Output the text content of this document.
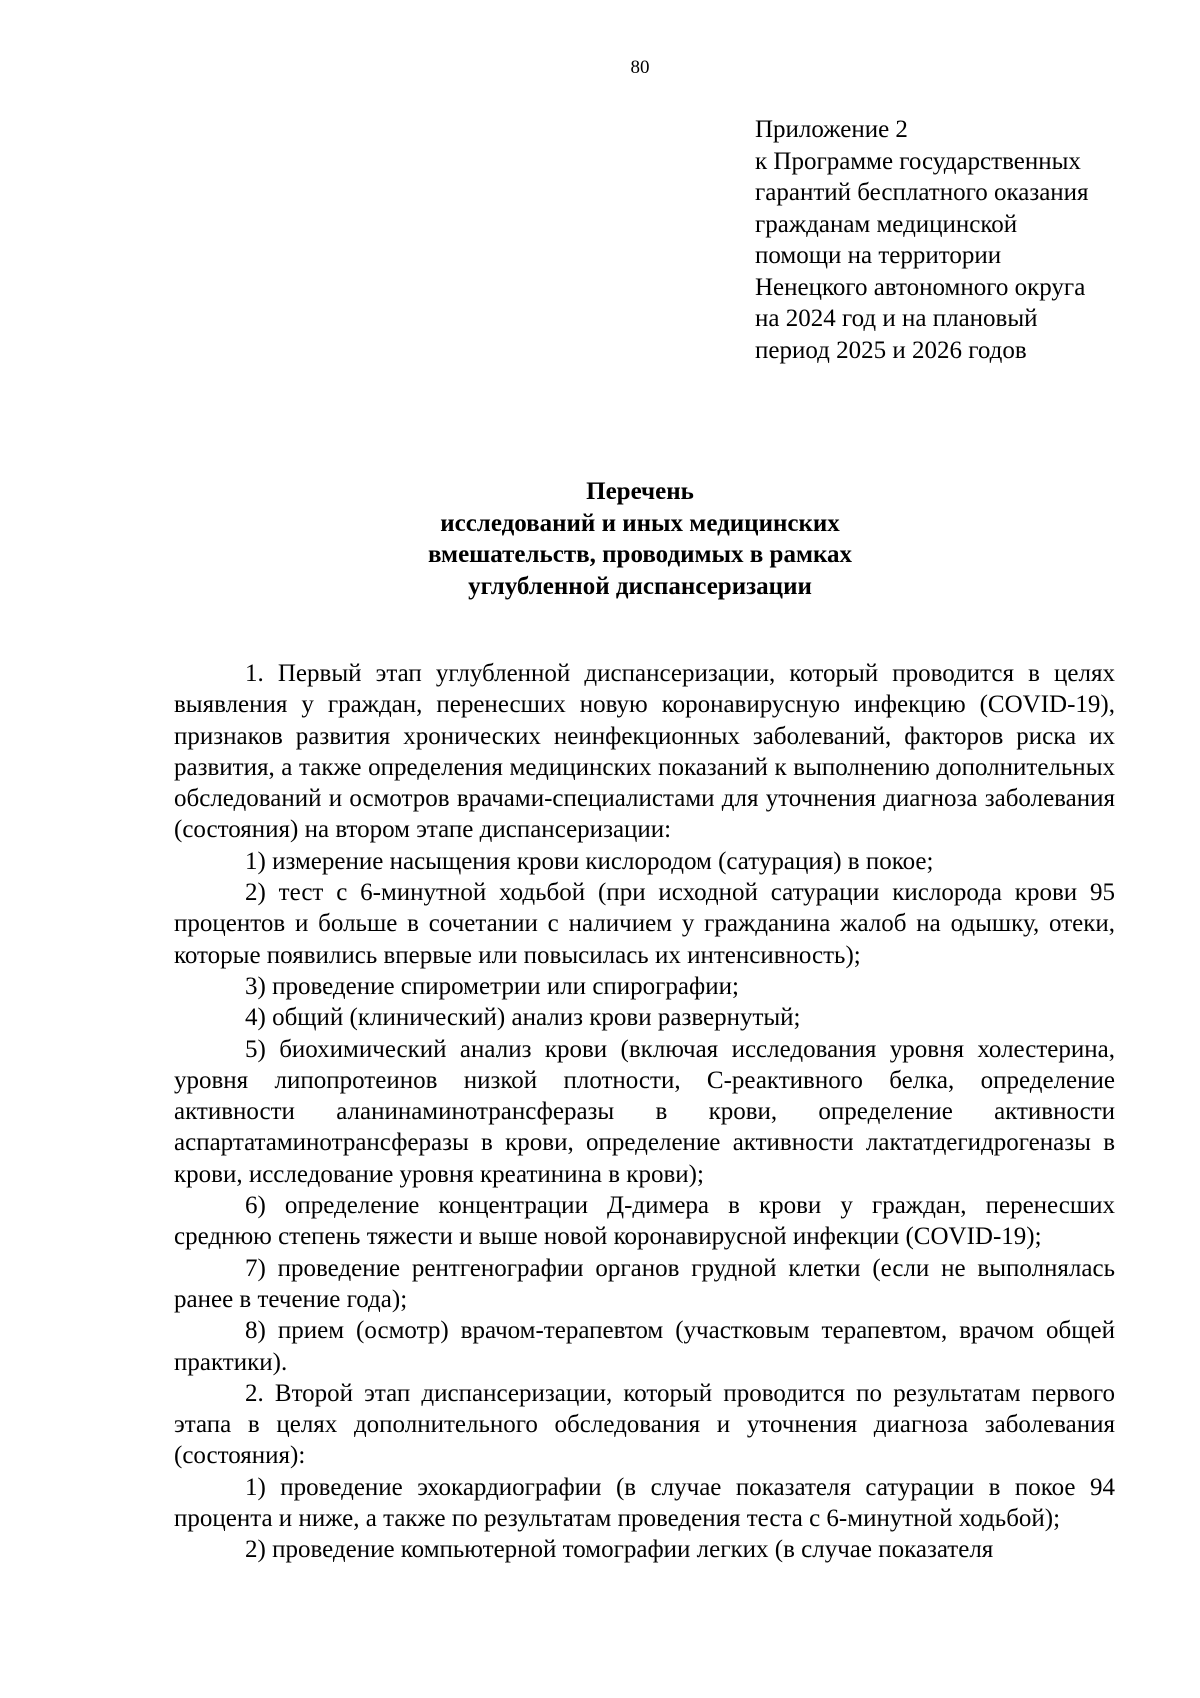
80
Приложение 2
к Программе государственных
гарантий бесплатного оказания
гражданам медицинской
помощи на территории
Ненецкого автономного округа
на 2024 год и на плановый
период 2025 и 2026 годов
Перечень
исследований и иных медицинских
вмешательств, проводимых в рамках
углубленной диспансеризации

1. Первый этап углубленной диспансеризации, который проводится в целях выявления у граждан, перенесших новую коронавирусную инфекцию (COVID-19), признаков развития хронических неинфекционных заболеваний, факторов риска их развития, а также определения медицинских показаний к выполнению дополнительных обследований и осмотров врачами-специалистами для уточнения диагноза заболевания (состояния) на втором этапе диспансеризации:

1) измерение насыщения крови кислородом (сатурация) в покое;

2) тест с 6-минутной ходьбой (при исходной сатурации кислорода крови 95 процентов и больше в сочетании с наличием у гражданина жалоб на одышку, отеки, которые появились впервые или повысилась их интенсивность);

3) проведение спирометрии или спирографии;

4) общий (клинический) анализ крови развернутый;

5) биохимический анализ крови (включая исследования уровня холестерина, уровня липопротеинов низкой плотности, С-реактивного белка, определение активности аланинаминотрансферазы в крови, определение активности аспартатаминотрансферазы в крови, определение активности лактатдегидрогеназы в крови, исследование уровня креатинина в крови);

6) определение концентрации Д-димера в крови у граждан, перенесших среднюю степень тяжести и выше новой коронавирусной инфекции (COVID-19);

7) проведение рентгенографии органов грудной клетки (если не выполнялась ранее в течение года);

8) прием (осмотр) врачом-терапевтом (участковым терапевтом, врачом общей практики).

2. Второй этап диспансеризации, который проводится по результатам первого этапа в целях дополнительного обследования и уточнения диагноза заболевания (состояния):

1) проведение эхокардиографии (в случае показателя сатурации в покое 94 процента и ниже, а также по результатам проведения теста с 6-минутной ходьбой);

2) проведение компьютерной томографии легких (в случае показателя
